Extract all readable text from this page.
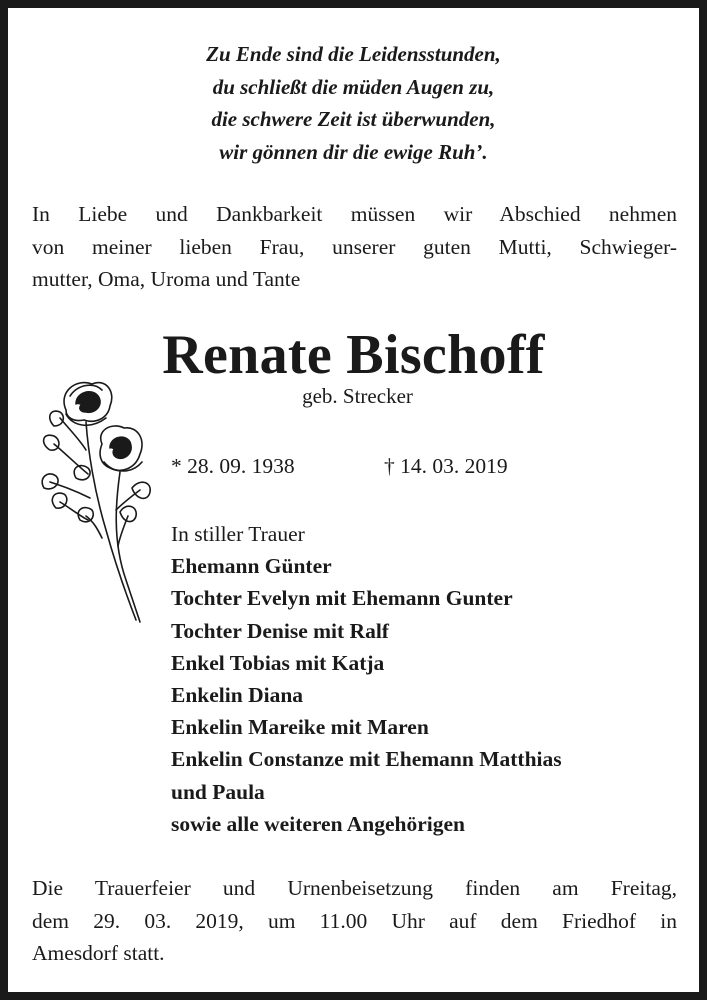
Zu Ende sind die Leidensstunden,
du schließt die müden Augen zu,
die schwere Zeit ist überwunden,
wir gönnen dir die ewige Ruh’.
In Liebe und Dankbarkeit müssen wir Abschied nehmen
von meiner lieben Frau, unserer guten Mutti, Schwieger-
mutter, Oma, Uroma und Tante
Renate Bischoff
geb. Strecker
* 28. 09. 1938	† 14. 03. 2019
In stiller Trauer
Ehemann Günter
Tochter Evelyn mit Ehemann Gunter
Tochter Denise mit Ralf
Enkel Tobias mit Katja
Enkelin Diana
Enkelin Mareike mit Maren
Enkelin Constanze mit Ehemann Matthias
und Paula
sowie alle weiteren Angehörigen
Die Trauerfeier und Urnenbeisetzung finden am Freitag,
dem 29. 03. 2019, um 11.00 Uhr auf dem Friedhof in
Amesdorf statt.
